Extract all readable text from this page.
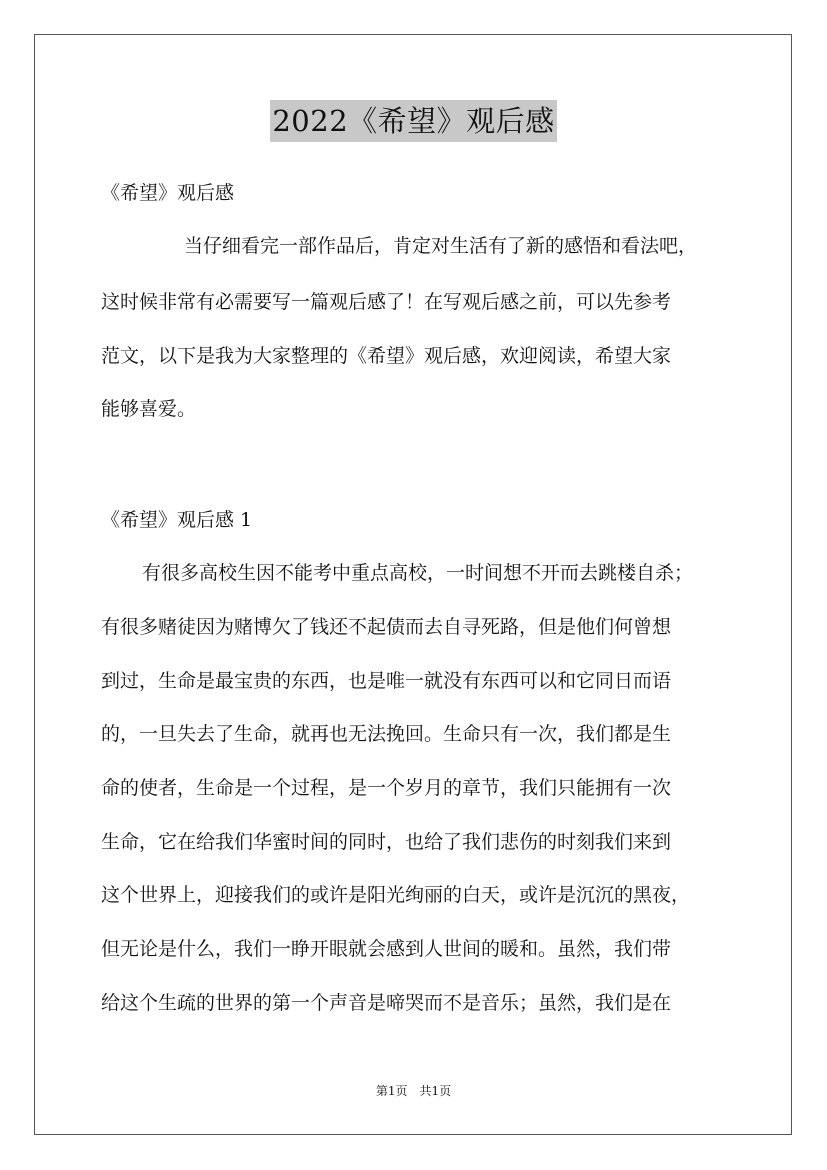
2022《希望》观后感
《希望》观后感
当仔细看完一部作品后，肯定对生活有了新的感悟和看法吧，
这时候非常有必需要写一篇观后感了！在写观后感之前，可以先参考
范文，以下是我为大家整理的《希望》观后感，欢迎阅读，希望大家
能够喜爱。
《希望》观后感 1
有很多高校生因不能考中重点高校，一时间想不开而去跳楼自杀；
有很多赌徒因为赌博欠了钱还不起债而去自寻死路，但是他们何曾想
到过，生命是最宝贵的东西，也是唯一就没有东西可以和它同日而语
的，一旦失去了生命，就再也无法挽回。生命只有一次，我们都是生
命的使者，生命是一个过程，是一个岁月的章节，我们只能拥有一次
生命，它在给我们华蜜时间的同时，也给了我们悲伤的时刻我们来到
这个世界上，迎接我们的或许是阳光绚丽的白天，或许是沉沉的黑夜，
但无论是什么，我们一睁开眼就会感到人世间的暖和。虽然，我们带
给这个生疏的世界的第一个声音是啼哭而不是音乐；虽然，我们是在
第1页　共1页
